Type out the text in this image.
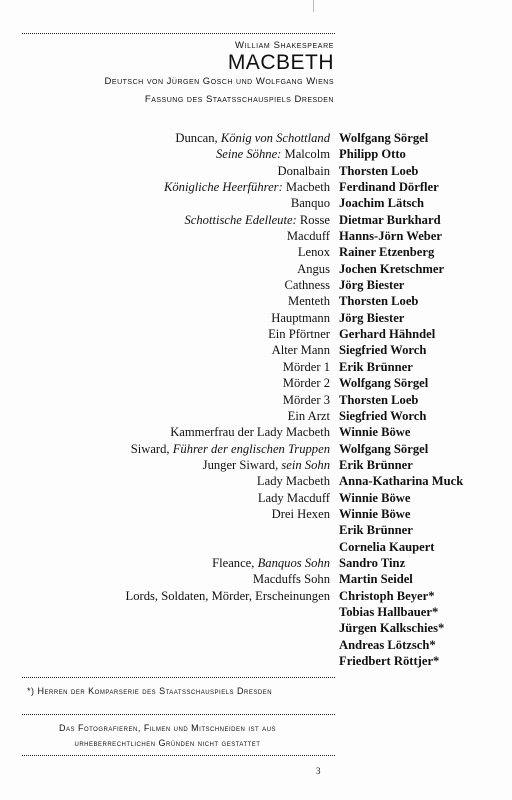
William Shakespeare
MACBETH
Deutsch von Jürgen Gosch und Wolfgang Wiens
Fassung des Staatsschauspiels Dresden
Duncan, König von Schottland Wolfgang Sörgel
Seine Söhne: Malcolm Philipp Otto
Donalbain Thorsten Loeb
Königliche Heerführer: Macbeth Ferdinand Dörfler
Banquo Joachim Lätsch
Schottische Edelleute: Rosse Dietmar Burkhard
Macduff Hanns-Jörn Weber
Lenox Rainer Etzenberg
Angus Jochen Kretschmer
Cathness Jörg Biester
Menteth Thorsten Loeb
Hauptmann Jörg Biester
Ein Pförtner Gerhard Hähndel
Alter Mann Siegfried Worch
Mörder 1 Erik Brünner
Mörder 2 Wolfgang Sörgel
Mörder 3 Thorsten Loeb
Ein Arzt Siegfried Worch
Kammerfrau der Lady Macbeth Winnie Böwe
Siward, Führer der englischen Truppen Wolfgang Sörgel
Junger Siward, sein Sohn Erik Brünner
Lady Macbeth Anna-Katharina Muck
Lady Macduff Winnie Böwe
Drei Hexen Winnie Böwe
Erik Brünner
Cornelia Kaupert
Fleance, Banquos Sohn Sandro Tinz
Macduffs Sohn Martin Seidel
Lords, Soldaten, Mörder, Erscheinungen Christoph Beyer*
Tobias Hallbauer*
Jürgen Kalkschies*
Andreas Lötzsch*
Friedbert Röttjer*
*) Herren der Komparserie des Staatsschauspiels Dresden
Das Fotografieren, Filmen und Mitschneiden ist aus
urheberrechtlichen Gründen nicht gestattet
3
